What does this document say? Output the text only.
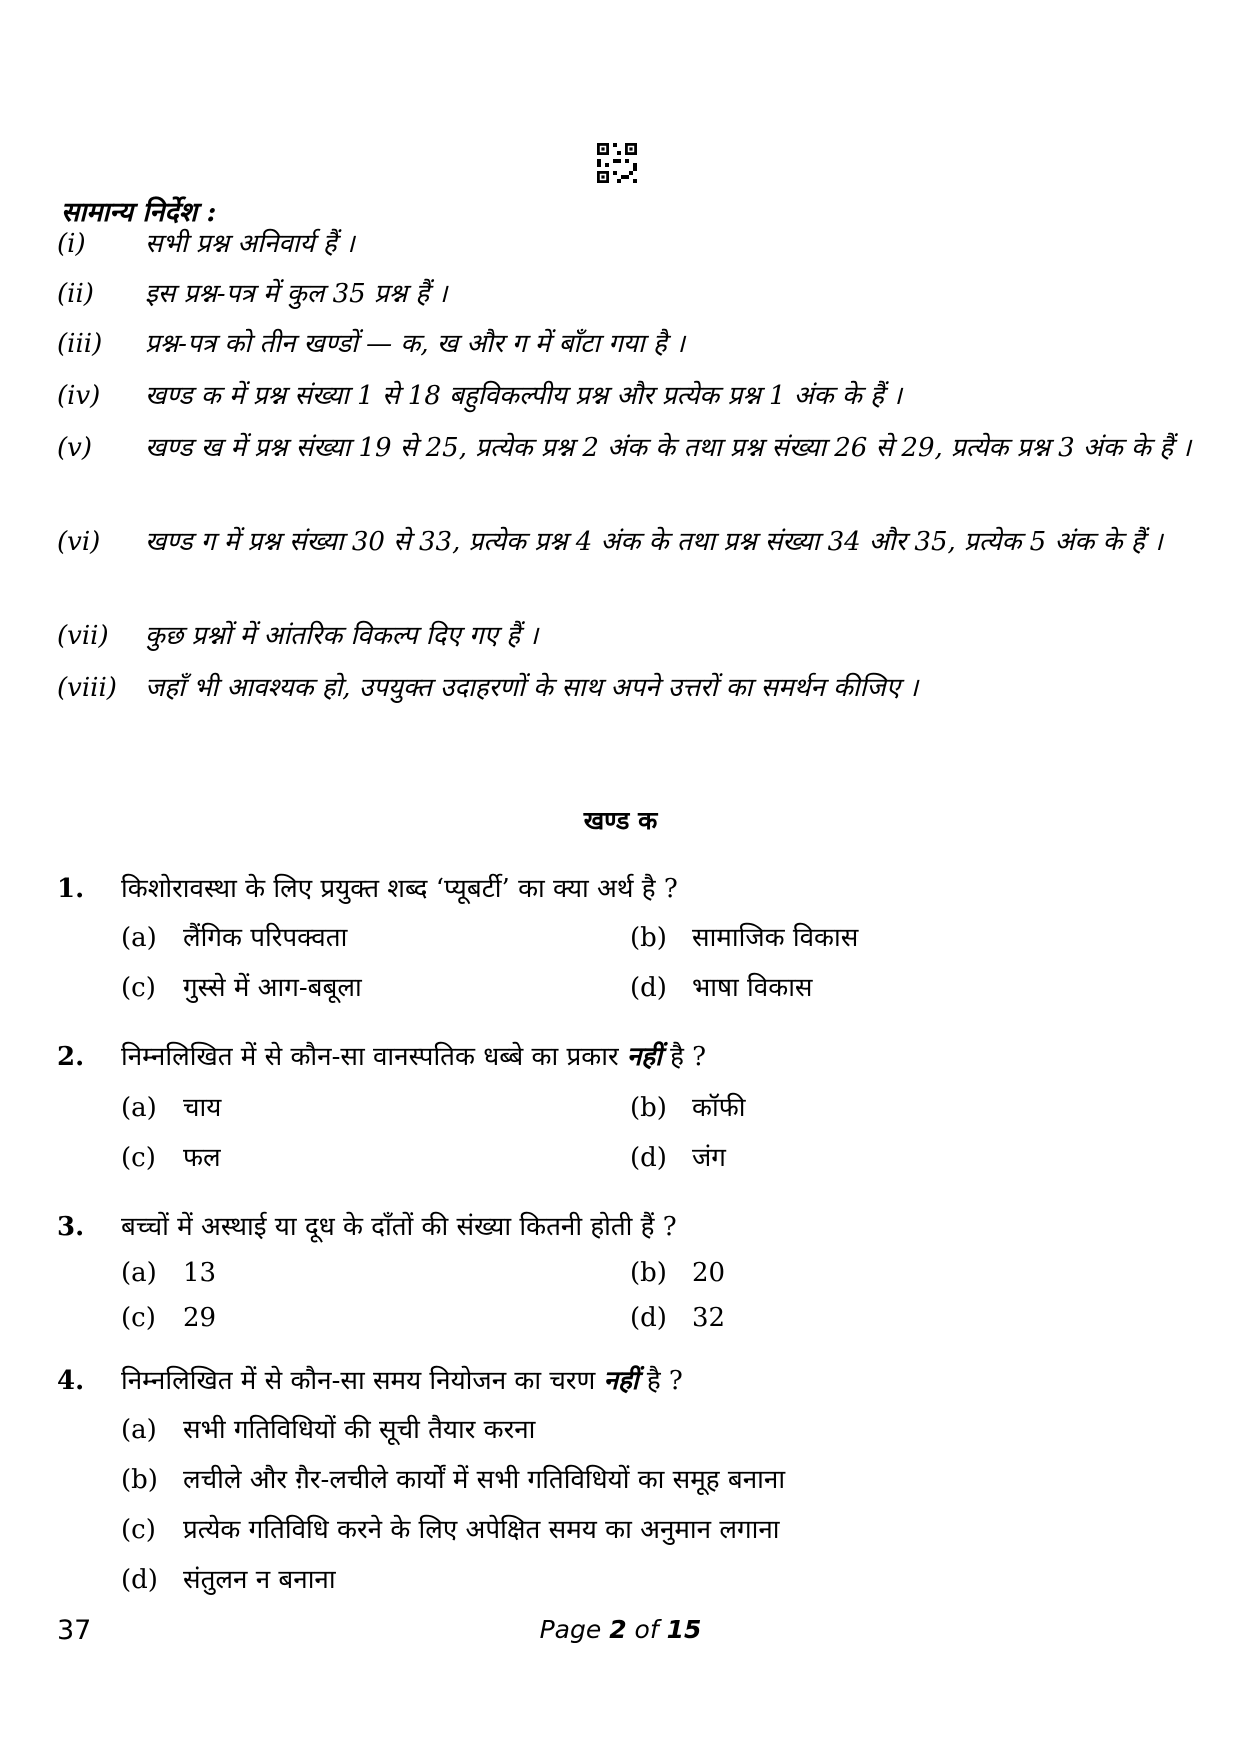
सामान्य निर्देश :
(i) सभी प्रश्न अनिवार्य हैं ।
(ii) इस प्रश्न-पत्र में कुल 35 प्रश्न हैं ।
(iii) प्रश्न-पत्र को तीन खण्डों — क, ख और ग में बाँटा गया है ।
(iv) खण्ड क में प्रश्न संख्या 1 से 18 बहुविकल्पीय प्रश्न और प्रत्येक प्रश्न 1 अंक के हैं ।
(v) खण्ड ख में प्रश्न संख्या 19 से 25, प्रत्येक प्रश्न 2 अंक के तथा प्रश्न संख्या 26 से 29, प्रत्येक प्रश्न 3 अंक के हैं ।
(vi) खण्ड ग में प्रश्न संख्या 30 से 33, प्रत्येक प्रश्न 4 अंक के तथा प्रश्न संख्या 34 और 35, प्रत्येक 5 अंक के हैं ।
(vii) कुछ प्रश्नों में आंतरिक विकल्प दिए गए हैं ।
(viii) जहाँ भी आवश्यक हो, उपयुक्त उदाहरणों के साथ अपने उत्तरों का समर्थन कीजिए ।
खण्ड क
1. किशोरावस्था के लिए प्रयुक्त शब्द ‘प्यूबर्टी’ का क्या अर्थ है ?
(a) लैंगिक परिपक्वता	(b) सामाजिक विकास
(c) गुस्से में आग-बबूला	(d) भाषा विकास
2. निम्नलिखित में से कौन-सा वानस्पतिक धब्बे का प्रकार नहीं है ?
(a) चाय	(b) कॉफी
(c) फल	(d) जंग
3. बच्चों में अस्थाई या दूध के दाँतों की संख्या कितनी होती हैं ?
(a) 13	(b) 20
(c) 29	(d) 32
4. निम्नलिखित में से कौन-सा समय नियोजन का चरण नहीं है ?
(a) सभी गतिविधियों की सूची तैयार करना
(b) लचीले और ग़ैर-लचीले कार्यों में सभी गतिविधियों का समूह बनाना
(c) प्रत्येक गतिविधि करने के लिए अपेक्षित समय का अनुमान लगाना
(d) संतुलन न बनाना
37	Page 2 of 15
